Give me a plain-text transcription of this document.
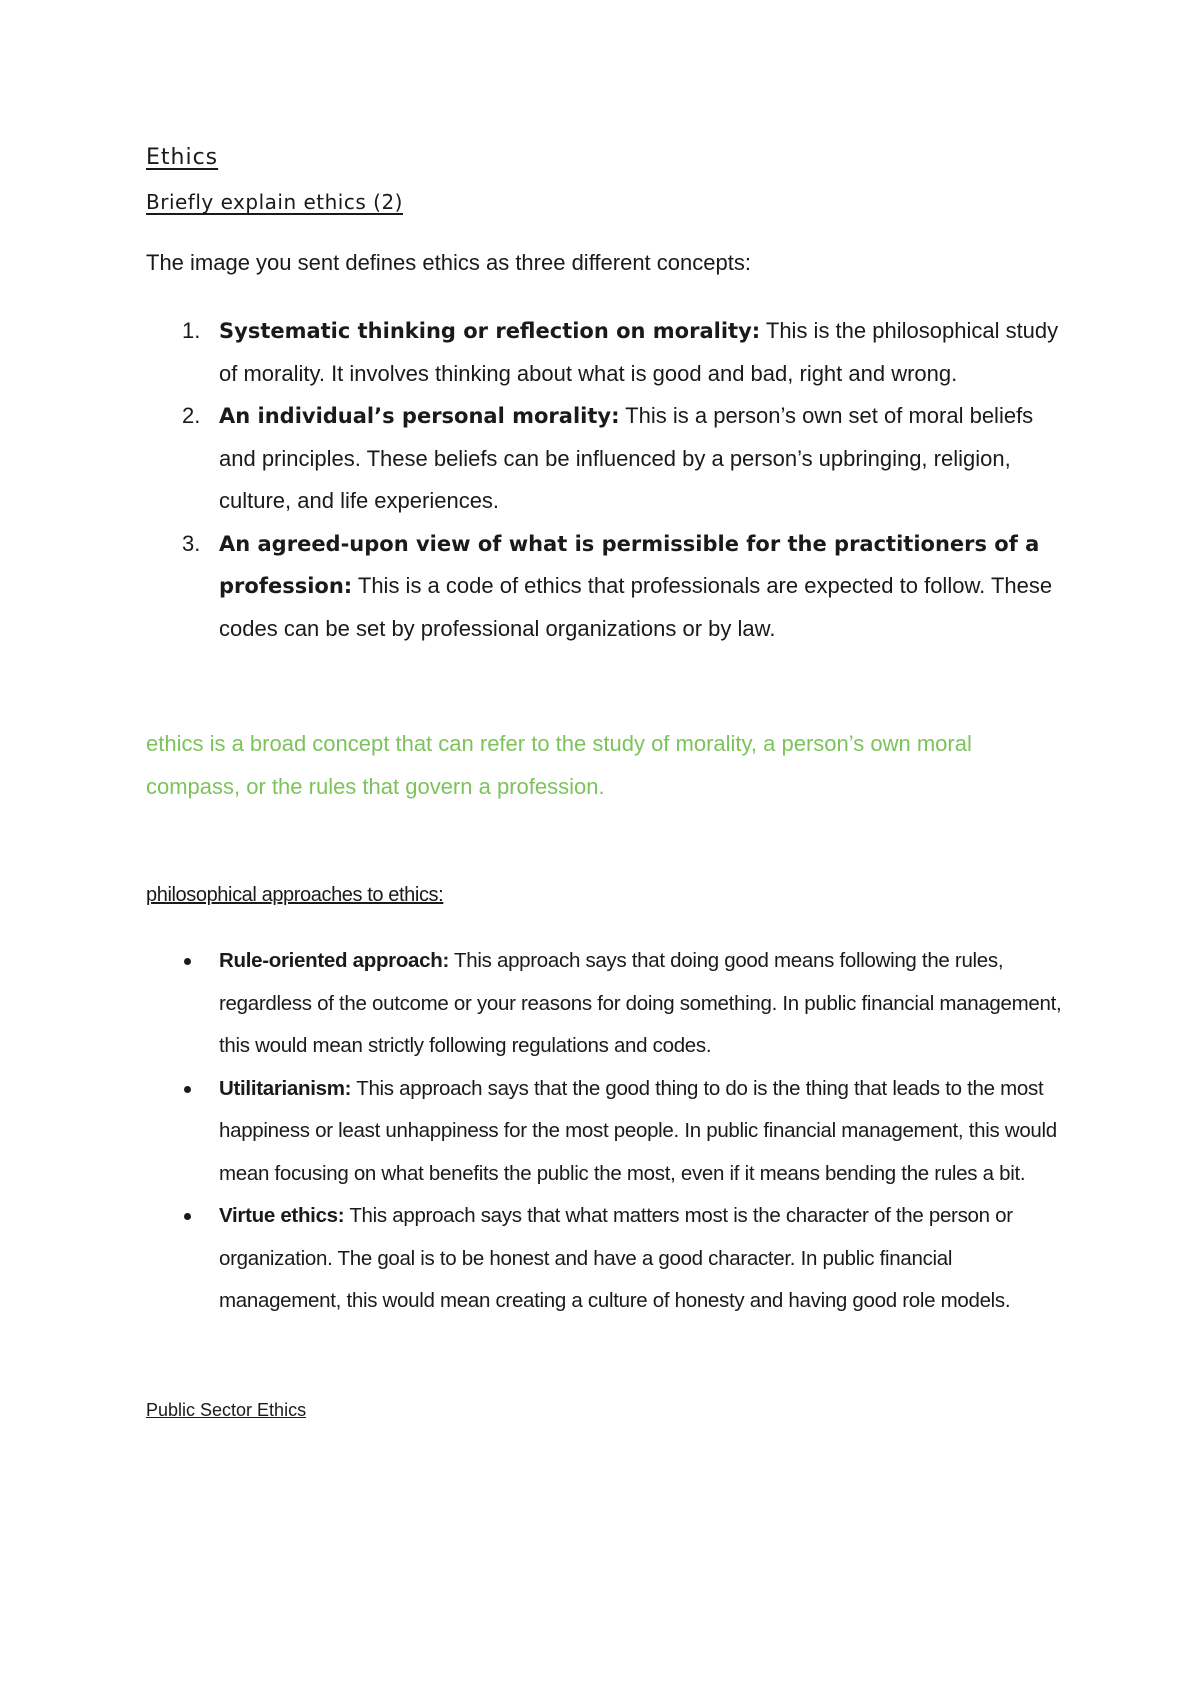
Ethics
Briefly explain ethics (2)

The image you sent defines ethics as three different concepts:

1. Systematic thinking or reflection on morality: This is the philosophical study of morality. It involves thinking about what is good and bad, right and wrong.
2. An individual’s personal morality: This is a person’s own set of moral beliefs and principles. These beliefs can be influenced by a person’s upbringing, religion, culture, and life experiences.
3. An agreed-upon view of what is permissible for the practitioners of a profession: This is a code of ethics that professionals are expected to follow. These codes can be set by professional organizations or by law.

ethics is a broad concept that can refer to the study of morality, a person’s own moral compass, or the rules that govern a profession.

philosophical approaches to ethics:
Rule-oriented approach: This approach says that doing good means following the rules, regardless of the outcome or your reasons for doing something. In public financial management, this would mean strictly following regulations and codes.
Utilitarianism: This approach says that the good thing to do is the thing that leads to the most happiness or least unhappiness for the most people. In public financial management, this would mean focusing on what benefits the public the most, even if it means bending the rules a bit.
Virtue ethics: This approach says that what matters most is the character of the person or organization. The goal is to be honest and have a good character. In public financial management, this would mean creating a culture of honesty and having good role models.
Public Sector Ethics
